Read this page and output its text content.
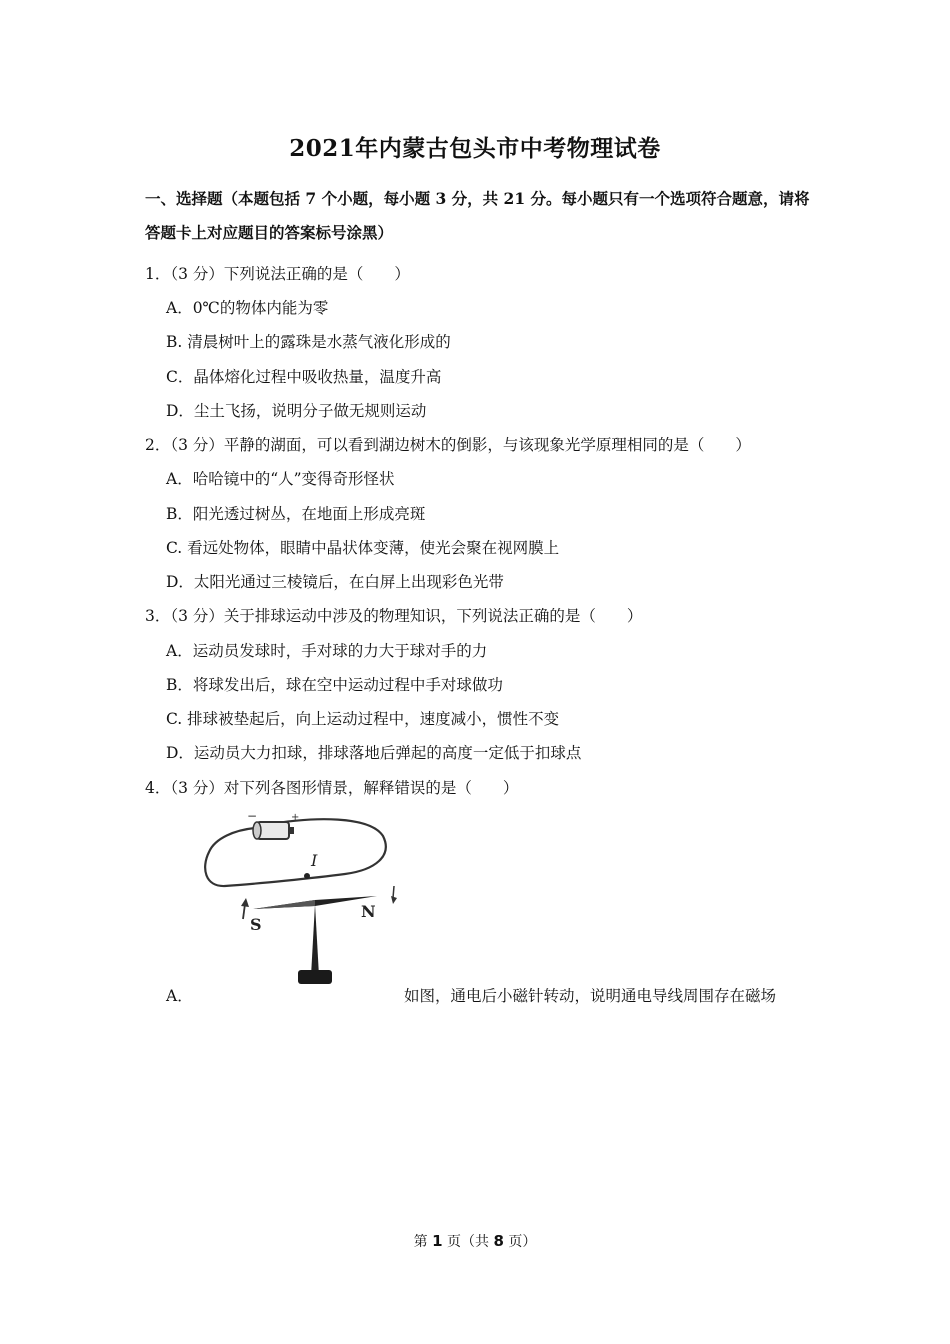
2021年内蒙古包头市中考物理试卷
一、选择题（本题包括 7 个小题，每小题 3 分，共 21 分。每小题只有一个选项符合题意，请将
答题卡上对应题目的答案标号涂黑）
1．（3 分）下列说法正确的是（　　）
A．0℃的物体内能为零
B. 清晨树叶上的露珠是水蒸气液化形成的
C．晶体熔化过程中吸收热量，温度升高
D．尘土飞扬，说明分子做无规则运动
2．（3 分）平静的湖面，可以看到湖边树木的倒影，与该现象光学原理相同的是（　　）
A．哈哈镜中的“人”变得奇形怪状
B．阳光透过树丛，在地面上形成亮斑
C. 看远处物体，眼睛中晶状体变薄，使光会聚在视网膜上
D．太阳光通过三棱镜后，在白屏上出现彩色光带
3．（3 分）关于排球运动中涉及的物理知识，下列说法正确的是（　　）
A．运动员发球时，手对球的力大于球对手的力
B．将球发出后，球在空中运动过程中手对球做功
C. 排球被垫起后，向上运动过程中，速度减小，惯性不变
D．运动员大力扣球，排球落地后弹起的高度一定低于扣球点
4．（3 分）对下列各图形情景，解释错误的是（　　）
−	+
I
S
N
A．	如图，通电后小磁针转动，说明通电导线周围存在磁场
第 1 页（共 8 页）
